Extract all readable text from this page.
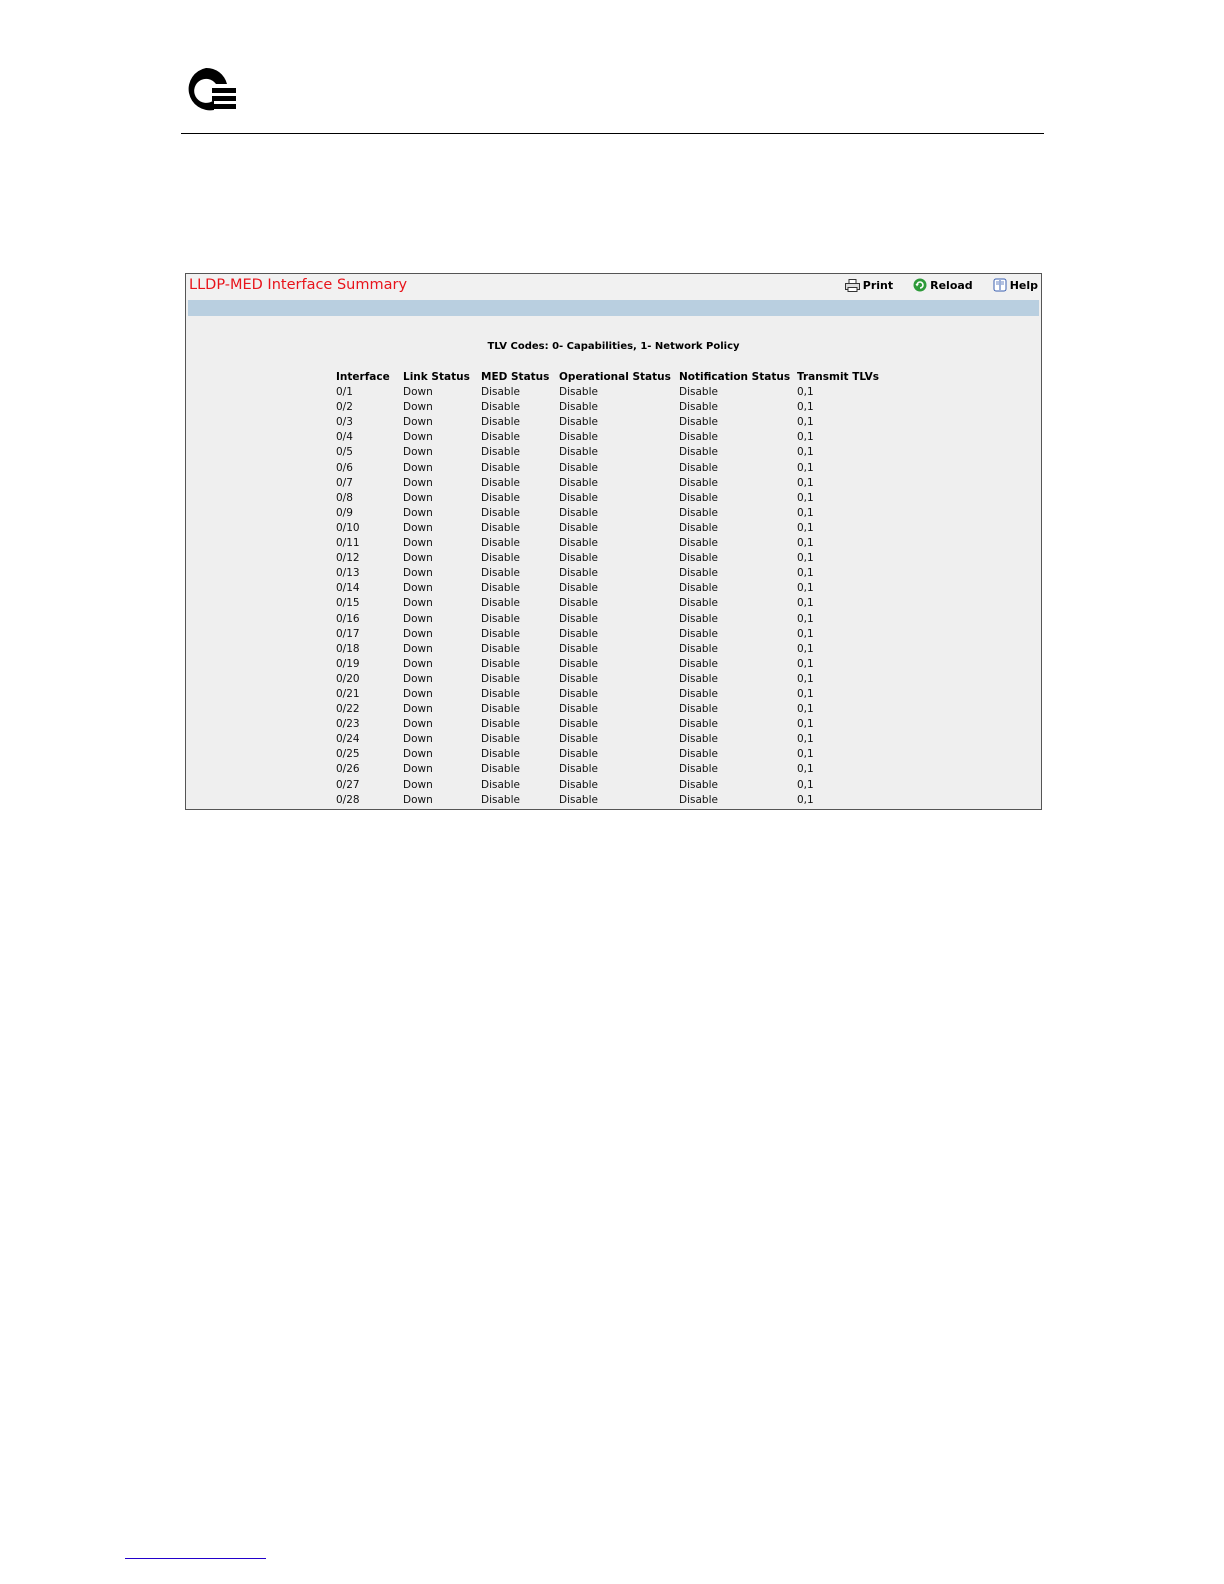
LLDP-MED Interface Summary	Print	Reload	Help
TLV Codes: 0- Capabilities, 1- Network Policy
Interface	Link Status	MED Status	Operational Status	Notification Status	Transmit TLVs
0/1	Down	Disable	Disable	Disable	0,1
0/2	Down	Disable	Disable	Disable	0,1
0/3	Down	Disable	Disable	Disable	0,1
0/4	Down	Disable	Disable	Disable	0,1
0/5	Down	Disable	Disable	Disable	0,1
0/6	Down	Disable	Disable	Disable	0,1
0/7	Down	Disable	Disable	Disable	0,1
0/8	Down	Disable	Disable	Disable	0,1
0/9	Down	Disable	Disable	Disable	0,1
0/10	Down	Disable	Disable	Disable	0,1
0/11	Down	Disable	Disable	Disable	0,1
0/12	Down	Disable	Disable	Disable	0,1
0/13	Down	Disable	Disable	Disable	0,1
0/14	Down	Disable	Disable	Disable	0,1
0/15	Down	Disable	Disable	Disable	0,1
0/16	Down	Disable	Disable	Disable	0,1
0/17	Down	Disable	Disable	Disable	0,1
0/18	Down	Disable	Disable	Disable	0,1
0/19	Down	Disable	Disable	Disable	0,1
0/20	Down	Disable	Disable	Disable	0,1
0/21	Down	Disable	Disable	Disable	0,1
0/22	Down	Disable	Disable	Disable	0,1
0/23	Down	Disable	Disable	Disable	0,1
0/24	Down	Disable	Disable	Disable	0,1
0/25	Down	Disable	Disable	Disable	0,1
0/26	Down	Disable	Disable	Disable	0,1
0/27	Down	Disable	Disable	Disable	0,1
0/28	Down	Disable	Disable	Disable	0,1
